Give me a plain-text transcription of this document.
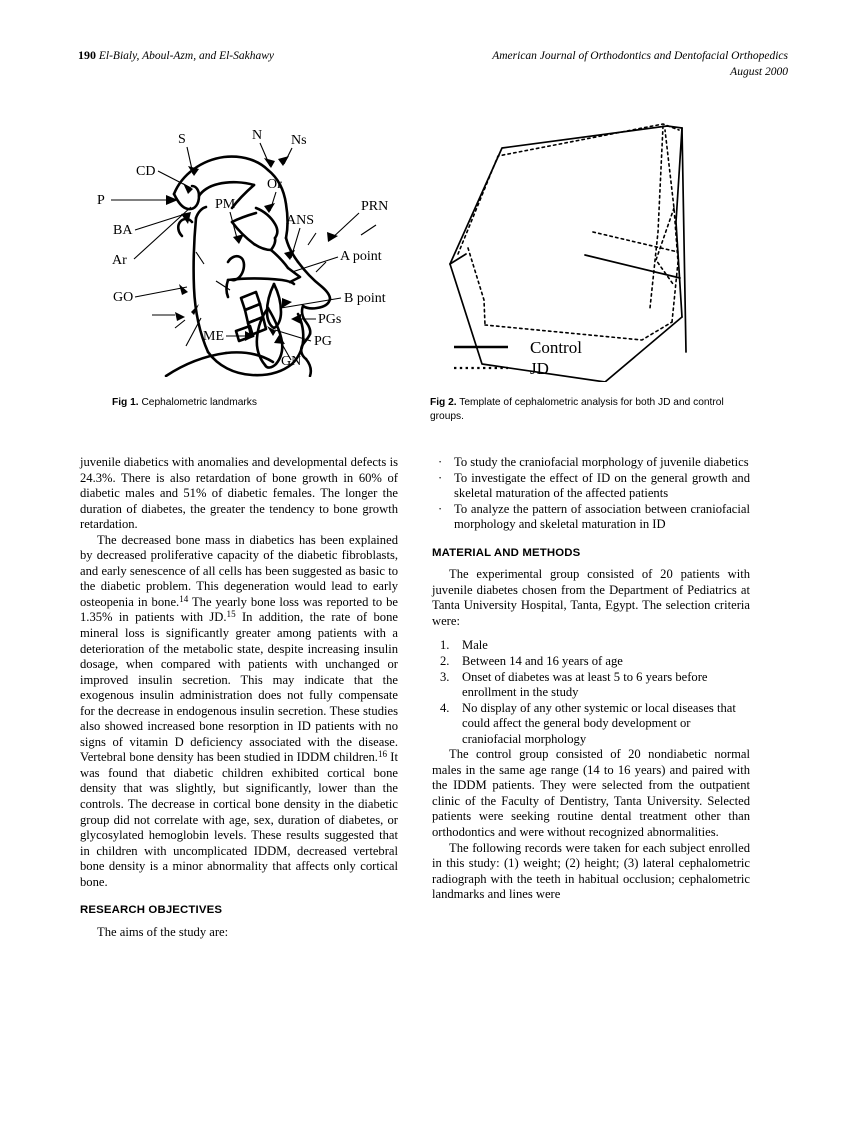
190 El-Bialy, Aboul-Azm, and El-Sakhawy	American Journal of Orthodontics and Dentofacial Orthopedics
August 2000
S	N Ns
CD
Or
P	PM
ANS
PRN
BA
Ar	A point
GO	B point
PGs
ME	PG
GN
Control
JD
Fig 1. Cephalometric landmarks	Fig 2. Template of cephalometric analysis for both JD and control groups.

juvenile diabetics with anomalies and developmental defects is 24.3%. There is also retardation of bone growth in 60% of diabetic males and 51% of diabetic females. The longer the duration of diabetes, the greater the tendency to bone growth retardation.

The decreased bone mass in diabetics has been explained by decreased proliferative capacity of the diabetic fibroblasts, and early senescence of all cells has been suggested as basic to the diabetic problem. This degeneration would lead to early osteopenia in bone.$^{14}$ The yearly bone loss was reported to be 1.35% in patients with JD.$^{15}$ In addition, the rate of bone mineral loss is significantly greater among patients with a deterioration of the metabolic state, despite increasing insulin dosage, when compared with patients with unchanged or improved insulin secretion. This may indicate that the exogenous insulin administration does not fully compensate for the decrease in endogenous insulin secretion. These studies also showed increased bone resorption in ID patients with no signs of vitamin D deficiency associated with the disease. Vertebral bone density has been studied in IDDM children.$^{16}$ It was found that diabetic children exhibited cortical bone density that was slightly, but significantly, lower than the controls. The decrease in cortical bone density in the diabetic group did not correlate with age, sex, duration of diabetes, or glycosylated hemoglobin levels. These results suggested that in children with uncomplicated IDDM, decreased vertebral bone density is a minor abnormality that affects only cortical bone.

RESEARCH OBJECTIVES

The aims of the study are:

· To study the craniofacial morphology of juvenile diabetics
· To investigate the effect of ID on the general growth and skeletal maturation of the affected patients
· To analyze the pattern of association between craniofacial morphology and skeletal maturation in ID
MATERIAL AND METHODS

The experimental group consisted of 20 patients with juvenile diabetes chosen from the Department of Pediatrics at Tanta University Hospital, Tanta, Egypt. The selection criteria were:

1. Male
2. Between 14 and 16 years of age
3. Onset of diabetes was at least 5 to 6 years before enrollment in the study
4. No display of any other systemic or local diseases that could affect the general body development or craniofacial morphology

The control group consisted of 20 nondiabetic normal males in the same age range (14 to 16 years) and paired with the IDDM patients. They were selected from the outpatient clinic of the Faculty of Dentistry, Tanta University. Selected patients were seeking routine dental treatment other than orthodontics and were without recognized abnormalities.

The following records were taken for each subject enrolled in this study: (1) weight; (2) height; (3) lateral cephalometric radiograph with the teeth in habitual occlusion; cephalometric landmarks and lines were
